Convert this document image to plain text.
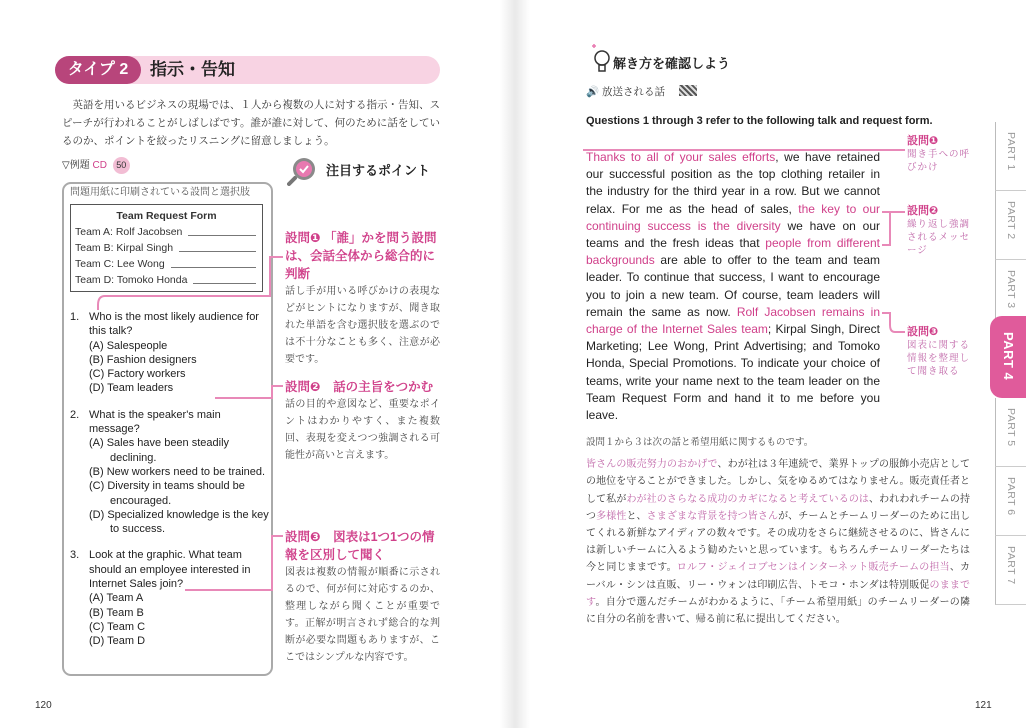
タイプ 2	指示・告知

英語を用いるビジネスの現場では、１人から複数の人に対する指示・告知、スピーチが行われることがしばしばです。誰が誰に対して、何のために話をしているのか、ポイントを絞ったリスニングに留意しましょう。

▽例題 CD 50
問題用紙に印刷されている設問と選択肢
Team Request Form
Team A: Rolf Jacobsen
Team B: Kirpal Singh
Team C: Lee Wong
Team D: Tomoko Honda
1. Who is the most likely audience for this talk?
(A) Salespeople
(B) Fashion designers
(C) Factory workers
(D) Team leaders
2. What is the speaker's main message?
(A) Sales have been steadily declining.
(B) New workers need to be trained.
(C) Diversity in teams should be encouraged.
(D) Specialized knowledge is the key to success.
3. Look at the graphic. What team should an employee interested in Internet Sales join?
(A) Team A
(B) Team B
(C) Team C
(D) Team D
注目するポイント
設問❶ 「誰」かを問う設問は、会話全体から総合的に判断

話し手が用いる呼びかけの表現などがヒントになりますが、聞き取れた単語を含む選択肢を選ぶのでは不十分なことも多く、注意が必要です。

設問❷　話の主旨をつかむ

話の目的や意図など、重要なポイントはわかりやすく、また複数回、表現を変えつつ強調される可能性が高いと言えます。

設問❸　図表は1つ1つの情報を区別して聞く

図表は複数の情報が順番に示されるので、何が何に対応するのか、整理しながら聞くことが重要です。正解が明言されず総合的な判断が必要な問題もありますが、ここではシンプルな内容です。

120
解き方を確認しよう
🔊 放送される話
Questions 1 through 3 refer to the following talk and request form.

Thanks to all of your sales efforts, we have retained our successful position as the top clothing retailer in the industry for the third year in a row. But we cannot relax. For me as the head of sales, the key to our continuing success is the diversity we have on our teams and the fresh ideas that people from different backgrounds are able to offer to the team and team leader. To continue that success, I want to encourage you to join a new team. Of course, team leaders will remain the same as now. Rolf Jacobsen remains in charge of the Internet Sales team; Kirpal Singh, Direct Marketing; Lee Wong, Print Advertising; and Tomoko Honda, Special Promotions. To indicate your choice of teams, write your name next to the team leader on the Team Request Form and hand it to me before you leave.

設問１から３は次の話と希望用紙に関するものです。

皆さんの販売努力のおかげで、わが社は３年連続で、業界トップの服飾小売店としての地位を守ることができました。しかし、気をゆるめてはなりません。販売責任者として私がわが社のさらなる成功のカギになると考えているのは、われわれチームの持つ多様性と、さまざまな背景を持つ皆さんが、チームとチームリーダーのために出してくれる新鮮なアイディアの数々です。その成功をさらに継続させるのに、皆さんには新しいチームに入るよう勧めたいと思っています。もちろんチームリーダーたちは今と同じままです。ロルフ・ジェイコブセンはインターネット販売チームの担当、カーバル・シンは直販、リー・ウォンは印刷広告、トモコ・ホンダは特別販促のままです。自分で選んだチームがわかるように、「チーム希望用紙」のチームリーダーの隣に自分の名前を書いて、帰る前に私に提出してください。

設問❶

聞き手への呼びかけ

設問❷

繰り返し強調されるメッセージ

設問❸

図表に関する情報を整理して聞き取る

PART 1
PART 2
PART 3
PART 4
PART 5
PART 6
PART 7
121
